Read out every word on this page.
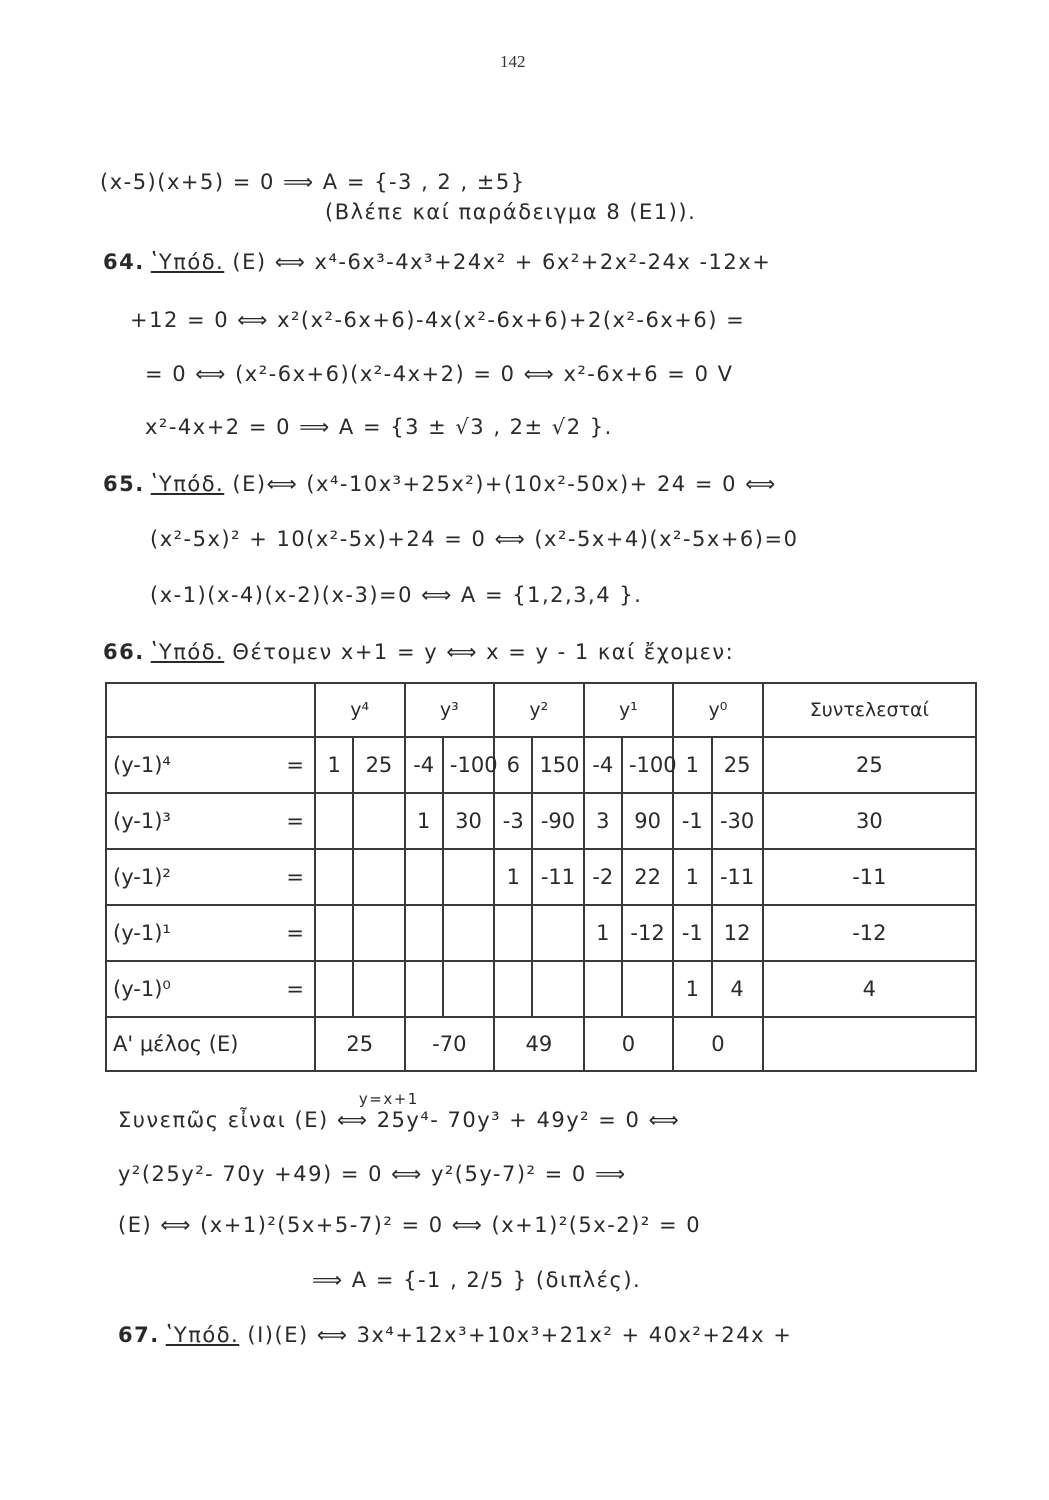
142
(x-5)(x+5) = 0 ⟹ A = {-3 , 2 , ±5}
(Βλέπε καί παράδειγμα 8 (Ε1)).
64. ʽΥπόδ. (E) ⟺ x⁴-6x³-4x³+24x² + 6x²+2x²-24x -12x+
+12 = 0 ⟺ x²(x²-6x+6)-4x(x²-6x+6)+2(x²-6x+6) =
= 0 ⟺ (x²-6x+6)(x²-4x+2) = 0 ⟺ x²-6x+6 = 0 V
x²-4x+2 = 0 ⟹ A = {3 ± √3 , 2± √2 }.
65. ʽΥπόδ. (E)⟺ (x⁴-10x³+25x²)+(10x²-50x)+ 24 = 0 ⟺
(x²-5x)² + 10(x²-5x)+24 = 0 ⟺ (x²-5x+4)(x²-5x+6)=0
(x-1)(x-4)(x-2)(x-3)=0 ⟺ A = {1,2,3,4 }.
66. ʽΥπόδ. Θέτομεν x+1 = y ⟺ x = y - 1 καί ἔχομεν:
	y⁴		y³		y²		y¹		y⁰		Συντελεσταί
(y-1)⁴ =	1	25	-4	-100	6	150	-4	-100	1	25	25
(y-1)³ =			1	30	-3	-90	3	90	-1	-30	30
(y-1)² =					1	-11	-2	22	1	-11	-11
(y-1)¹ =							1	-12	-1	12	-12
(y-1)⁰ =									1	4	4
Α' μέλος (E)	25		-70		49		0		0		
Συνεπῶς εἶναι (E)
y=x+1
⟺ 25y⁴- 70y³ + 49y² = 0 ⟺
y²(25y²- 70y +49) = 0 ⟺ y²(5y-7)² = 0 ⟹
(E) ⟺ (x+1)²(5x+5-7)² = 0 ⟺ (x+1)²(5x-2)² = 0
⟹ A = {-1 , 2/5 } (διπλές).
67. ʽΥπόδ. (I)(E) ⟺ 3x⁴+12x³+10x³+21x² + 40x²+24x +
